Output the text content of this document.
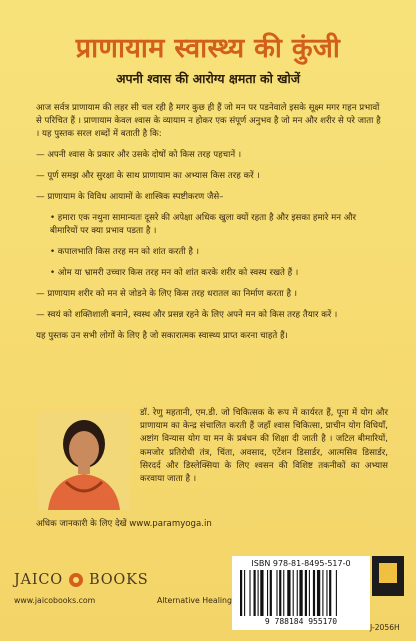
प्राणायाम स्वास्थ्य की कुंजी
अपनी श्वास की आरोग्य क्षमता को खोजें

आज सर्वत्र प्राणायाम की लहर सी चल रही है मगर कुछ ही हैं जो मन पर पडनेवाले इसके सूक्ष्म मगर गहन प्रभावों से परिचित हैं । प्राणायाम केवल श्वास के व्यायाम न होकर एक संपूर्ण अनुभव है जो मन और शरीर से परे जाता है । यह पुस्तक सरल शब्दों में बताती है कि:

— अपनी श्वास के प्रकार और उसके दोषों को किस तरह पहचानें ।

— पूर्ण समझ और सुरक्षा के साथ प्राणायाम का अभ्यास किस तरह करें ।

— प्राणायाम के विविध आयामों के शास्त्रिक स्पष्टीकरण जैसे–

• हमारा एक नथुना सामान्यतः दूसरे की अपेक्षा अधिक खुला क्यों रहता है और इसका हमारे मन और बीमारियों पर क्या प्रभाव पडता है ।

• कपालभाति किस तरह मन को शांत करती है ।

• ओम या भ्रामरी उच्चार किस तरह मन को शांत करके शरीर को स्वस्थ रखते हैं ।

— प्राणायाम शरीर को मन से जोडने के लिए किस तरह धरातल का निर्माण करता है ।

— स्वयं को शक्तिशाली बनाने, स्वस्थ और प्रसन्न रहने के लिए अपने मन को किस तरह तैयार करें ।

यह पुस्तक उन सभी लोगों के लिए है जो सकारात्मक स्वास्थ्य प्राप्त करना चाहते हैं।

डॉ. रेणु महतानी, एम.डी. जो चिकित्सक के रूप में कार्यरत हैं, पूना में योग और प्राणायाम का केन्द्र संचालित करती हैं जहाँ श्वास चिकित्सा, प्राचीन योग विधियाँ, अष्टांग विन्यास योग या मन के प्रबंधन की शिक्षा दी जाती है । जटिल बीमारियों, कमजोर प्रतिरोधी तंत्र, चिंता, अवसाद, एटेंशन डिसार्डर, आत्मसिव डिसार्डर, सिरदर्द और डिस्लेक्सिया के लिए श्वसन की विशिष्ट तकनीकों का अभ्यास करवाया जाता है ।
अधिक जानकारी के लिए देखें www.paramyoga.in
JAICO BOOKS
www.jaicobooks.com	Alternative Healing
ISBN 978-81-8495-517-0
9 788184 955170
J-2056H
